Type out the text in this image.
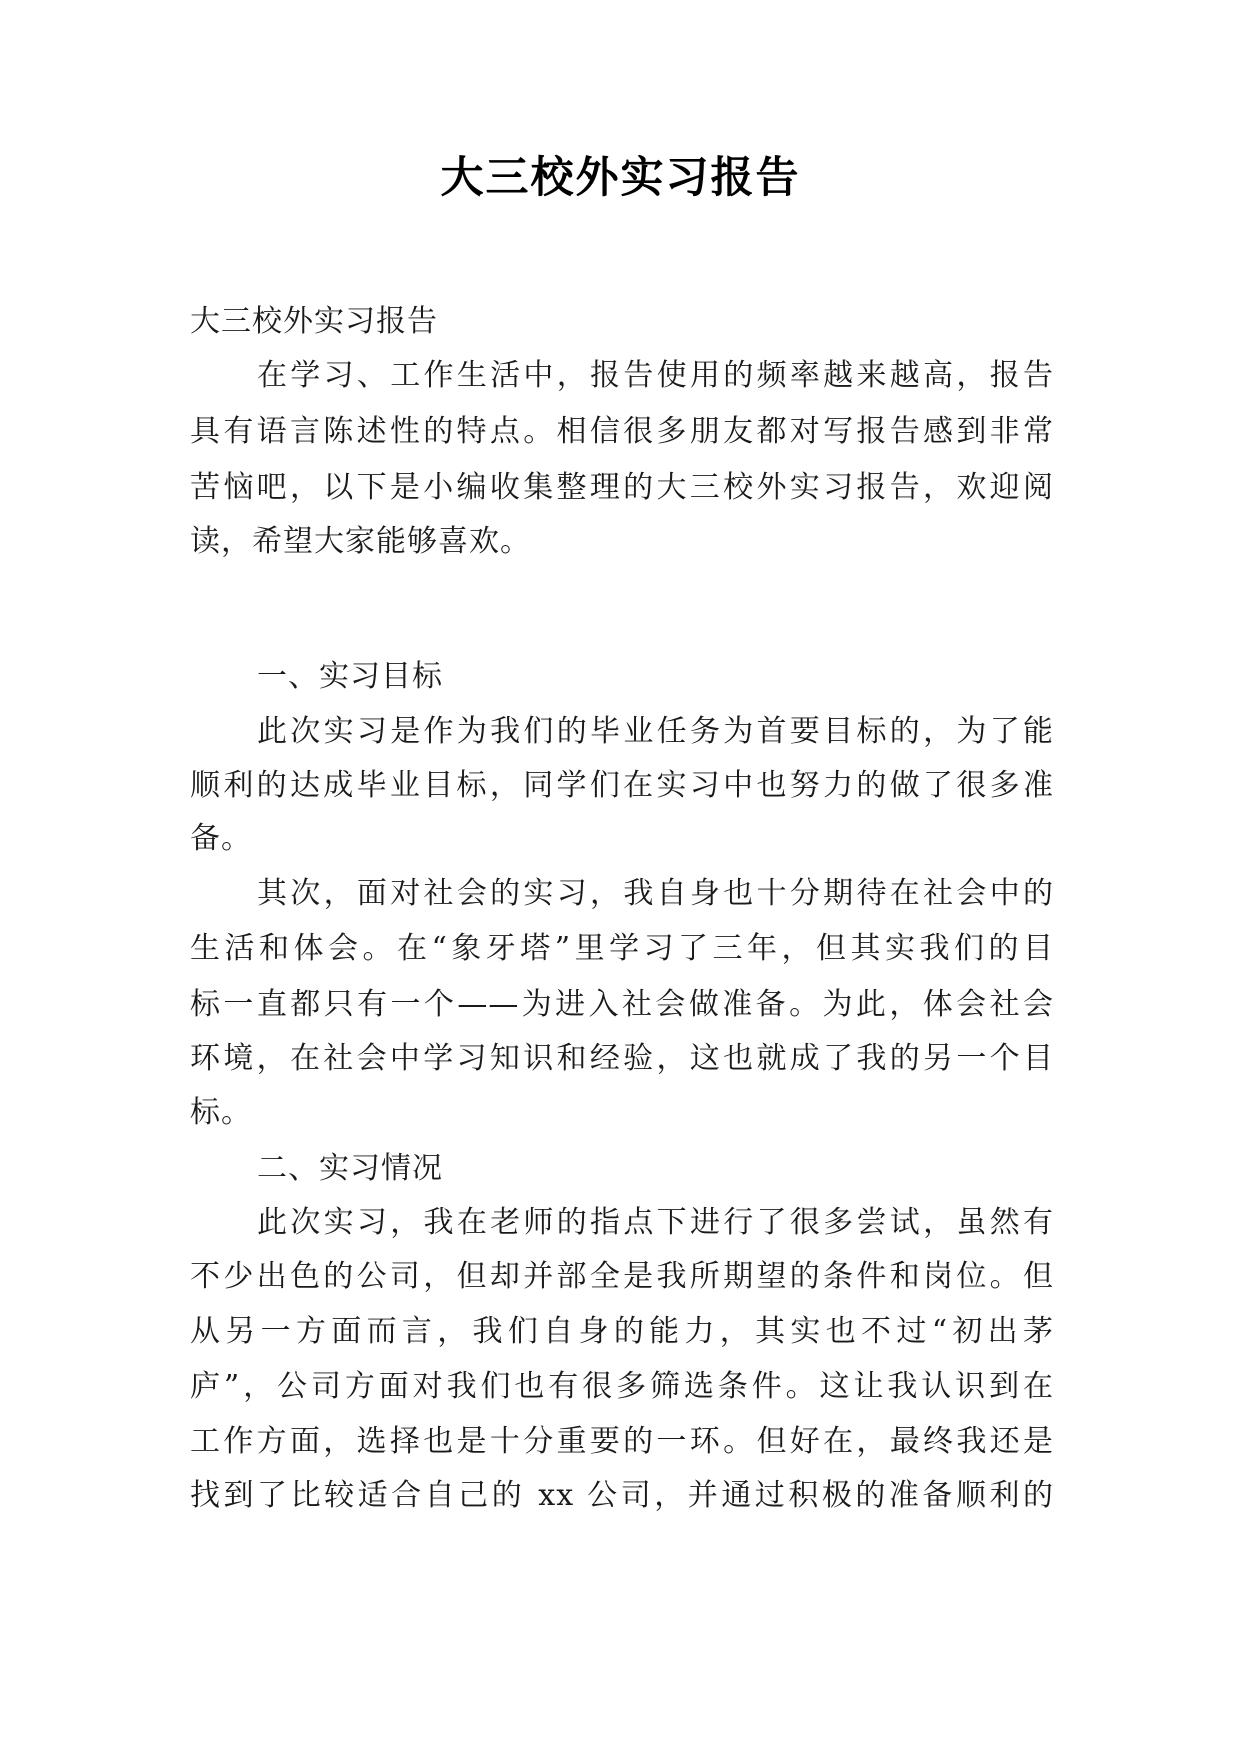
大三校外实习报告
大三校外实习报告
在学习、工作生活中，报告使用的频率越来越高，报告
具有语言陈述性的特点。相信很多朋友都对写报告感到非常
苦恼吧，以下是小编收集整理的大三校外实习报告，欢迎阅
读，希望大家能够喜欢。
一、实习目标
此次实习是作为我们的毕业任务为首要目标的，为了能
顺利的达成毕业目标，同学们在实习中也努力的做了很多准
备。
其次，面对社会的实习，我自身也十分期待在社会中的
生活和体会。在“象牙塔”里学习了三年，但其实我们的目
标一直都只有一个——为进入社会做准备。为此，体会社会
环境，在社会中学习知识和经验，这也就成了我的另一个目
标。
二、实习情况
此次实习，我在老师的指点下进行了很多尝试，虽然有
不少出色的公司，但却并部全是我所期望的条件和岗位。但
从另一方面而言，我们自身的能力，其实也不过“初出茅
庐”，公司方面对我们也有很多筛选条件。这让我认识到在
工作方面，选择也是十分重要的一环。但好在，最终我还是
找到了比较适合自己的 xx 公司，并通过积极的准备顺利的
